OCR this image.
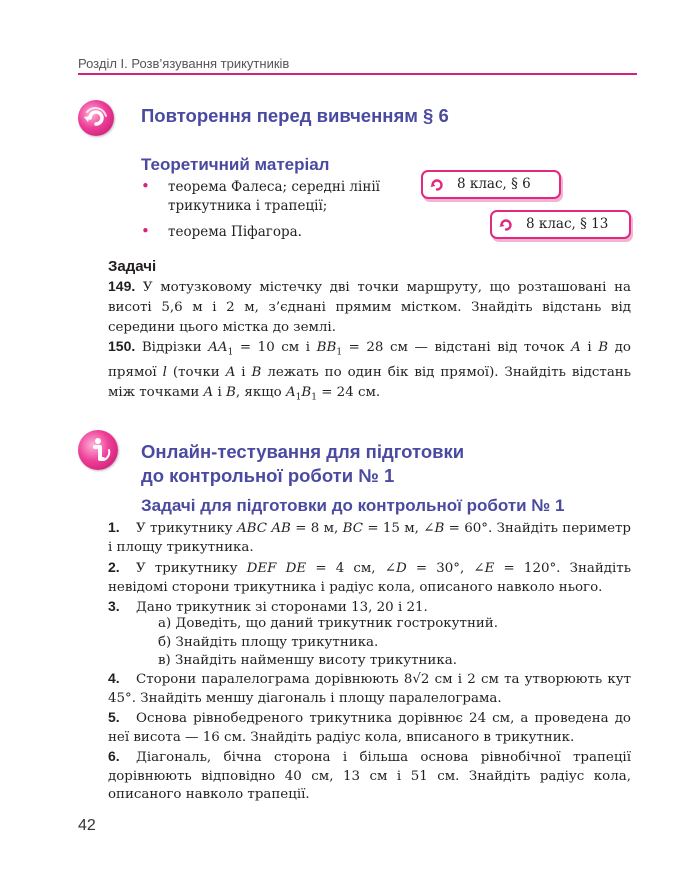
Розділ І. Розв’язування трикутників
Повторення перед вивченням § 6
Теоретичний матеріал
• теорема Фалеса; середні лінії трикутника і трапеції;
• теорема Піфагора.
8 клас, § 6
8 клас, § 13
Задачі
149. У мотузковому містечку дві точки маршруту, що розташовані на висоті 5,6 м і 2 м, з’єднані прямим містком. Знайдіть відстань від середини цього містка до землі.
150. Відрізки $AA_1 = 10$ см і $BB_1 = 28$ см — відстані від точок A і B до прямої l (точки A і B лежать по один бік від прямої). Знайдіть відстань між точками A і B, якщо $A_1B_1 = 24$ см.
Онлайн-тестування для підготовки
до контрольної роботи № 1
Задачі для підготовки до контрольної роботи № 1
1. У трикутнику ABC AB = 8 м, BC = 15 м, ∠B = 60°. Знайдіть периметр і площу трикутника.
2. У трикутнику DEF DE = 4 см, ∠D = 30°, ∠E = 120°. Знайдіть невідомі сторони трикутника і радіус кола, описаного навколо нього.
3. Дано трикутник зі сторонами 13, 20 і 21.
а) Доведіть, що даний трикутник гострокутний.
б) Знайдіть площу трикутника.
в) Знайдіть найменшу висоту трикутника.
4. Сторони паралелограма дорівнюють 8√2 см і 2 см та утворюють кут 45°. Знайдіть меншу діагональ і площу паралелограма.
5. Основа рівнобедреного трикутника дорівнює 24 см, а проведена до неї висота — 16 см. Знайдіть радіус кола, вписаного в трикутник.
6. Діагональ, бічна сторона і більша основа рівнобічної трапеції дорівнюють відповідно 40 см, 13 см і 51 см. Знайдіть радіус кола, описаного навколо трапеції.
42
